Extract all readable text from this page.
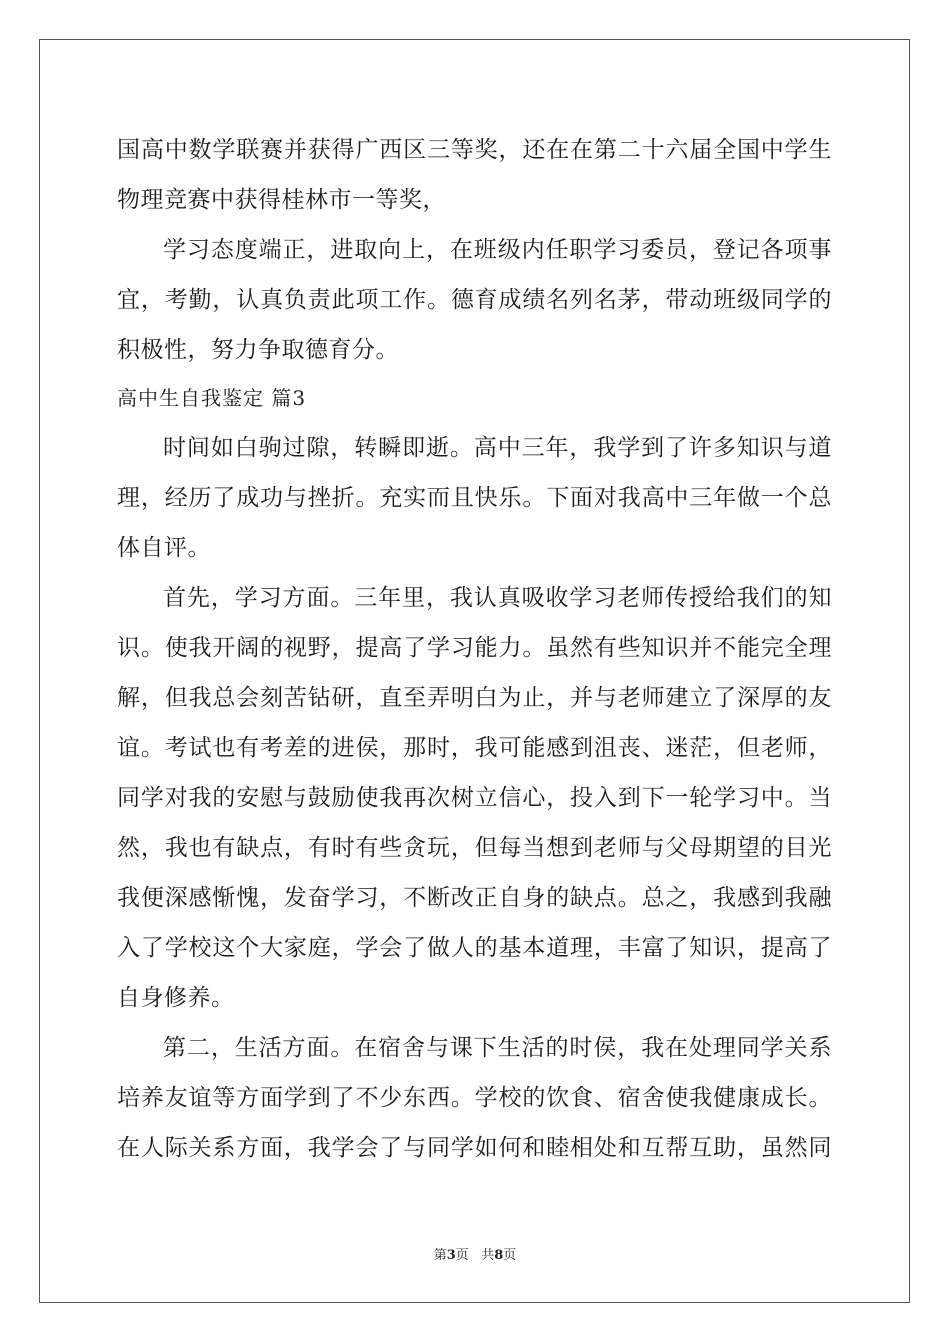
国高中数学联赛并获得广西区三等奖，还在在第二十六届全国中学生
物理竞赛中获得桂林市一等奖，
学习态度端正，进取向上，在班级内任职学习委员，登记各项事
宜，考勤，认真负责此项工作。德育成绩名列名茅，带动班级同学的
积极性，努力争取德育分。
高中生自我鉴定 篇3
时间如白驹过隙，转瞬即逝。高中三年，我学到了许多知识与道
理，经历了成功与挫折。充实而且快乐。下面对我高中三年做一个总
体自评。
首先，学习方面。三年里，我认真吸收学习老师传授给我们的知
识。使我开阔的视野，提高了学习能力。虽然有些知识并不能完全理
解，但我总会刻苦钻研，直至弄明白为止，并与老师建立了深厚的友
谊。考试也有考差的进侯，那时，我可能感到沮丧、迷茫，但老师，
同学对我的安慰与鼓励使我再次树立信心，投入到下一轮学习中。当
然，我也有缺点，有时有些贪玩，但每当想到老师与父母期望的目光
我便深感惭愧，发奋学习，不断改正自身的缺点。总之，我感到我融
入了学校这个大家庭，学会了做人的基本道理，丰富了知识，提高了
自身修养。
第二，生活方面。在宿舍与课下生活的时侯，我在处理同学关系
培养友谊等方面学到了不少东西。学校的饮食、宿舍使我健康成长。
在人际关系方面，我学会了与同学如何和睦相处和互帮互助，虽然同
第3页   共8页
